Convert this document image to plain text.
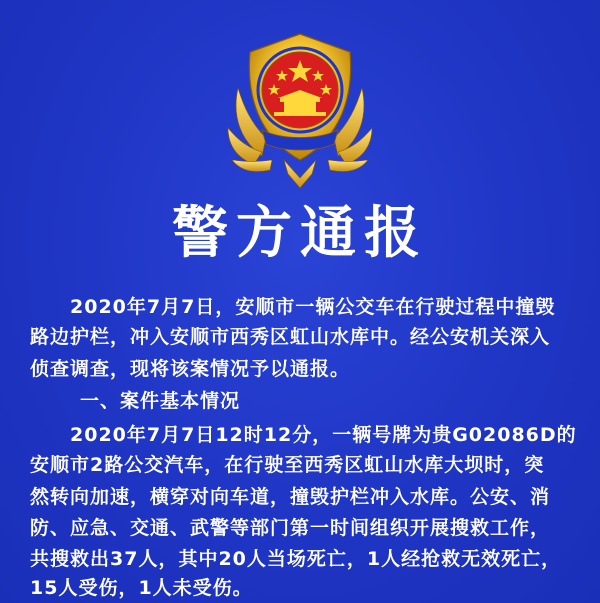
警方通报
2020年7月7日，安顺市一辆公交车在行驶过程中撞毁
路边护栏，冲入安顺市西秀区虹山水库中。经公安机关深入
侦查调查，现将该案情况予以通报。
一、案件基本情况
2020年7月7日12时12分，一辆号牌为贵G02086D的
安顺市2路公交汽车，在行驶至西秀区虹山水库大坝时，突
然转向加速，横穿对向车道，撞毁护栏冲入水库。公安、消
防、应急、交通、武警等部门第一时间组织开展搜救工作，
共搜救出37人，其中20人当场死亡，1人经抢救无效死亡，
15人受伤，1人未受伤。
